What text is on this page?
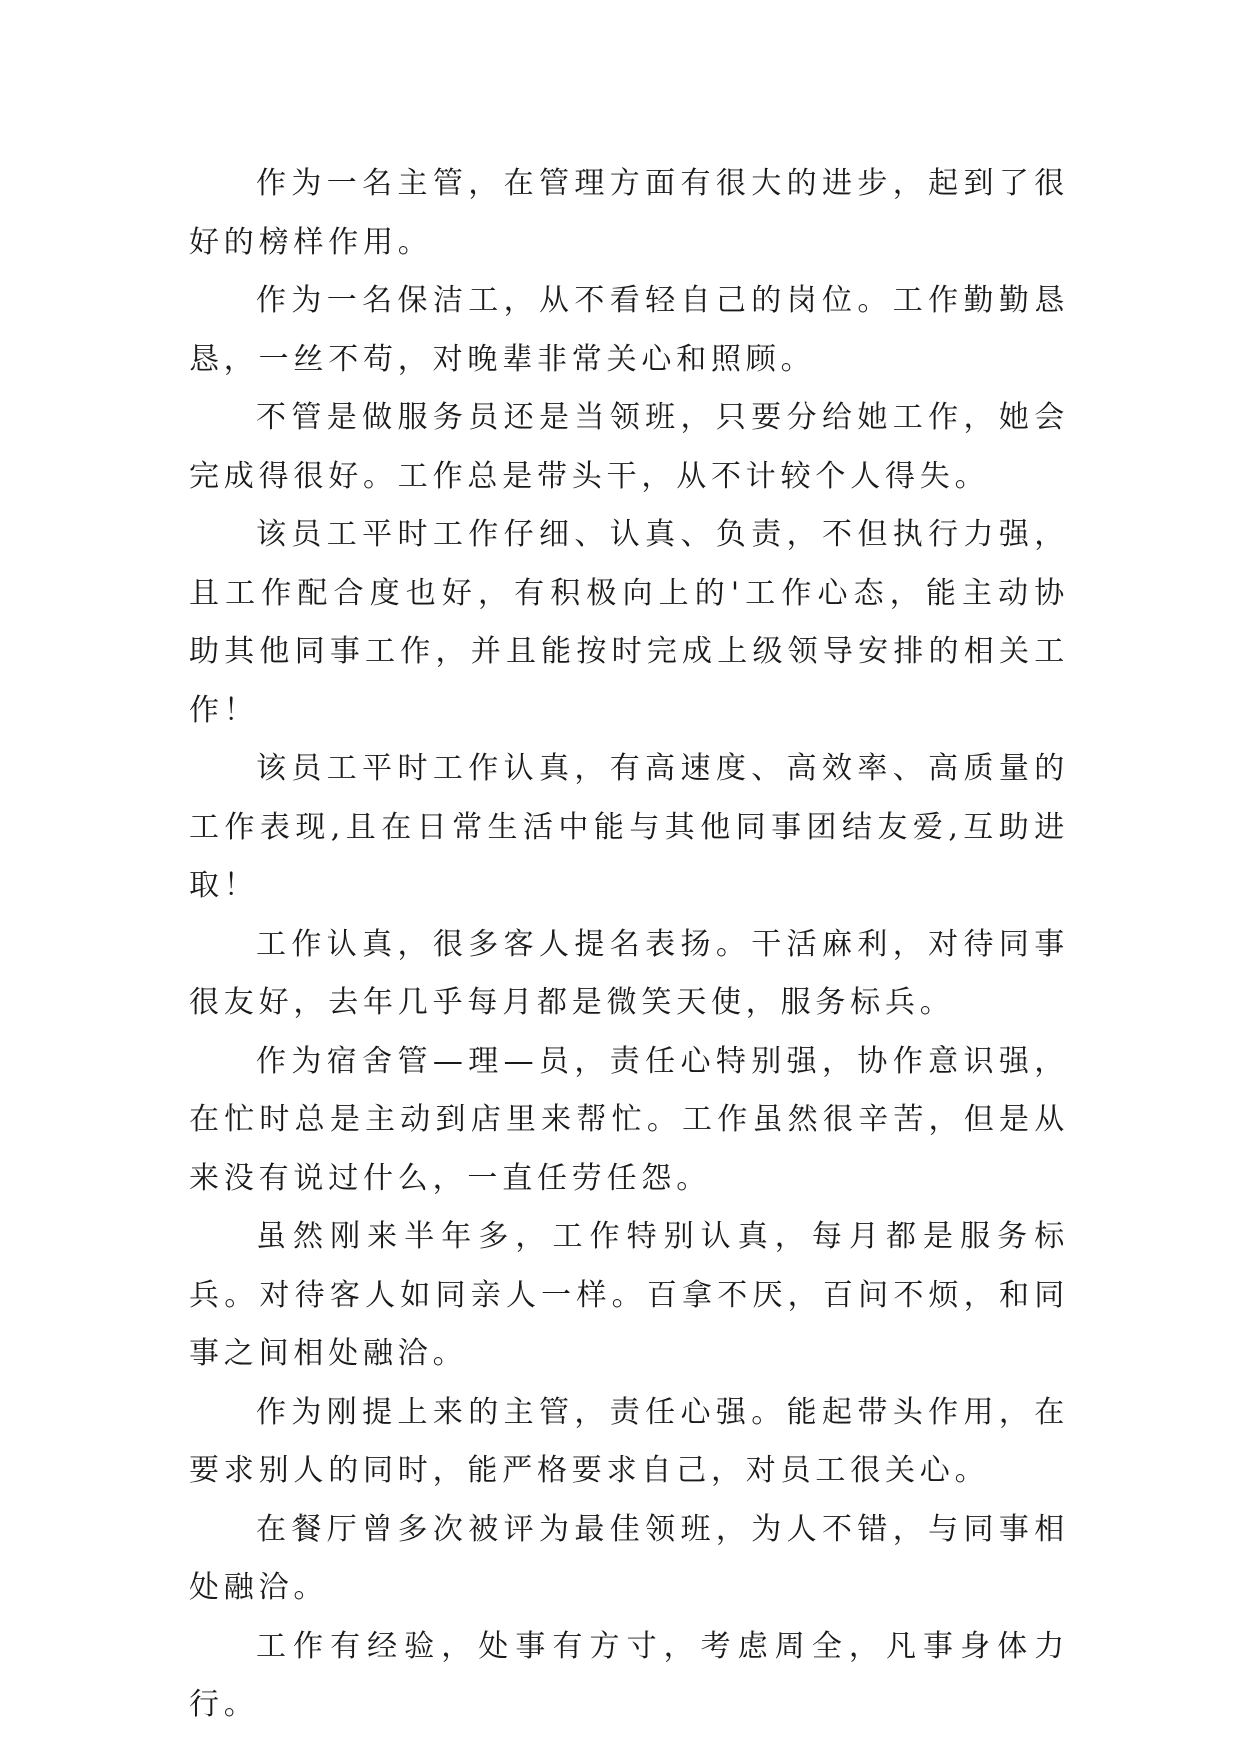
作为一名主管，在管理方面有很大的进步，起到了很好的榜样作用。

作为一名保洁工，从不看轻自己的岗位。工作勤勤恳恳，一丝不苟，对晚辈非常关心和照顾。

不管是做服务员还是当领班，只要分给她工作，她会完成得很好。工作总是带头干，从不计较个人得失。

该员工平时工作仔细、认真、负责，不但执行力强，且工作配合度也好，有积极向上的'工作心态，能主动协助其他同事工作，并且能按时完成上级领导安排的相关工作！

该员工平时工作认真，有高速度、高效率、高质量的工作表现,且在日常生活中能与其他同事团结友爱,互助进取！

工作认真，很多客人提名表扬。干活麻利，对待同事很友好，去年几乎每月都是微笑天使，服务标兵。

作为宿舍管—理—员，责任心特别强，协作意识强，在忙时总是主动到店里来帮忙。工作虽然很辛苦，但是从来没有说过什么，一直任劳任怨。

虽然刚来半年多，工作特别认真，每月都是服务标兵。对待客人如同亲人一样。百拿不厌，百问不烦，和同事之间相处融洽。

作为刚提上来的主管，责任心强。能起带头作用，在要求别人的同时，能严格要求自己，对员工很关心。

在餐厅曾多次被评为最佳领班，为人不错，与同事相处融洽。

工作有经验，处事有方寸，考虑周全，凡事身体力行。
